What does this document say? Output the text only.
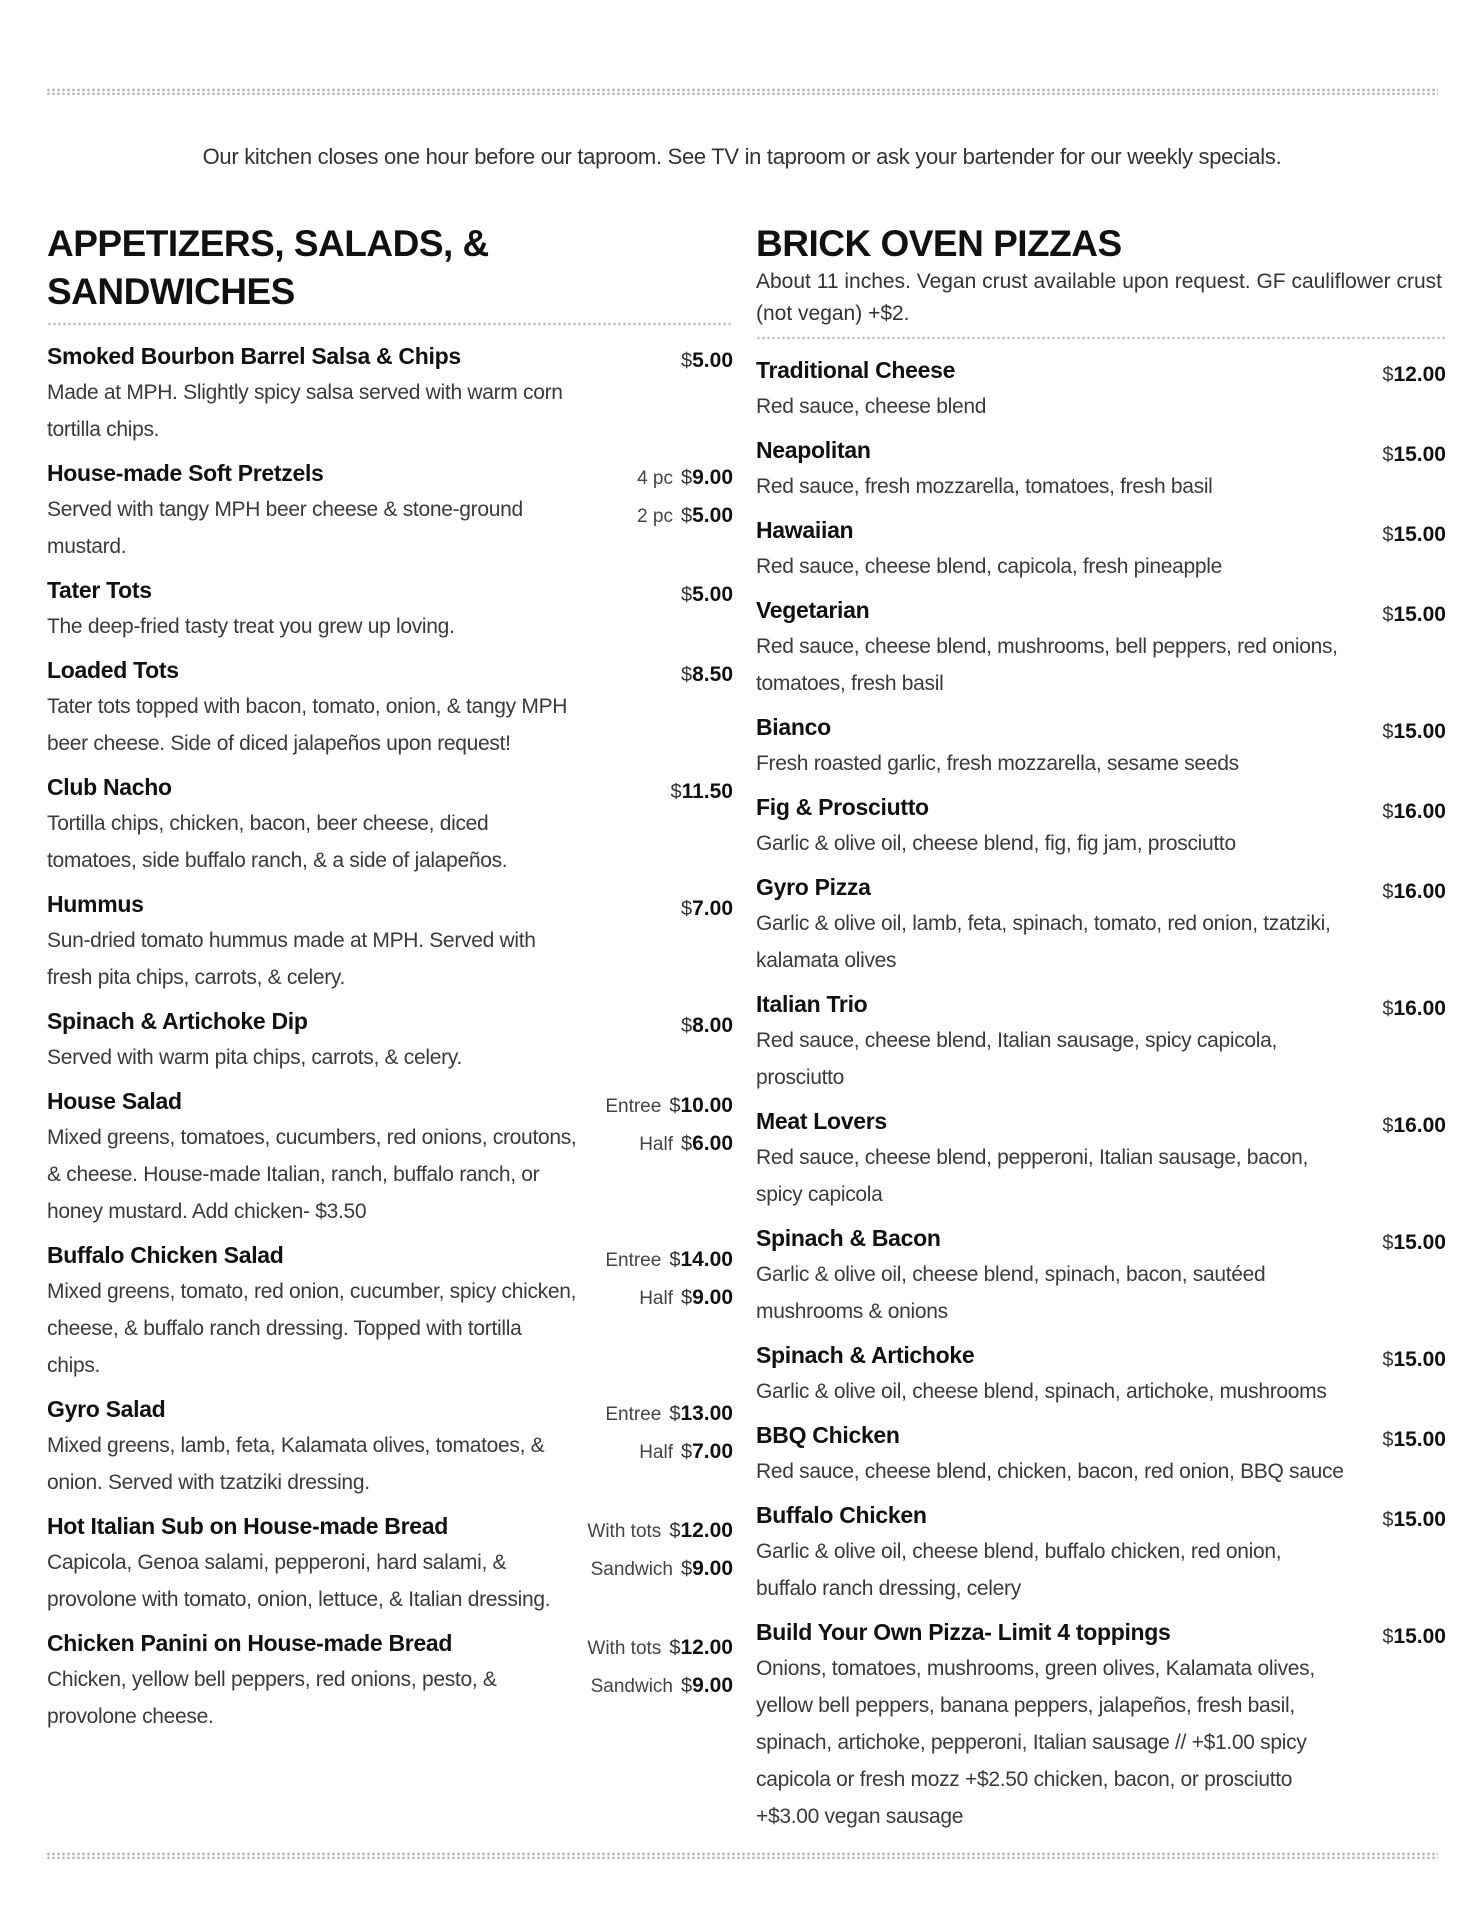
Our kitchen closes one hour before our taproom. See TV in taproom or ask your bartender for our weekly specials.
APPETIZERS, SALADS, & SANDWICHES
Smoked Bourbon Barrel Salsa & Chips
Made at MPH. Slightly spicy salsa served with warm corn tortilla chips.
$5.00
House-made Soft Pretzels
Served with tangy MPH beer cheese & stone-ground mustard.
4 pc $9.00
2 pc $5.00
Tater Tots
The deep-fried tasty treat you grew up loving.
$5.00
Loaded Tots
Tater tots topped with bacon, tomato, onion, & tangy MPH beer cheese. Side of diced jalapeños upon request!
$8.50
Club Nacho
Tortilla chips, chicken, bacon, beer cheese, diced tomatoes, side buffalo ranch, & a side of jalapeños.
$11.50
Hummus
Sun-dried tomato hummus made at MPH. Served with fresh pita chips, carrots, & celery.
$7.00
Spinach & Artichoke Dip
Served with warm pita chips, carrots, & celery.
$8.00
House Salad
Mixed greens, tomatoes, cucumbers, red onions, croutons, & cheese. House-made Italian, ranch, buffalo ranch, or honey mustard. Add chicken- $3.50
Entree $10.00
Half $6.00
Buffalo Chicken Salad
Mixed greens, tomato, red onion, cucumber, spicy chicken, cheese, & buffalo ranch dressing. Topped with tortilla chips.
Entree $14.00
Half $9.00
Gyro Salad
Mixed greens, lamb, feta, Kalamata olives, tomatoes, & onion. Served with tzatziki dressing.
Entree $13.00
Half $7.00
Hot Italian Sub on House-made Bread
Capicola, Genoa salami, pepperoni, hard salami, & provolone with tomato, onion, lettuce, & Italian dressing.
With tots $12.00
Sandwich $9.00
Chicken Panini on House-made Bread
Chicken, yellow bell peppers, red onions, pesto, & provolone cheese.
With tots $12.00
Sandwich $9.00
BRICK OVEN PIZZAS
About 11 inches. Vegan crust available upon request. GF cauliflower crust (not vegan) +$2.
Traditional Cheese
Red sauce, cheese blend
$12.00
Neapolitan
Red sauce, fresh mozzarella, tomatoes, fresh basil
$15.00
Hawaiian
Red sauce, cheese blend, capicola, fresh pineapple
$15.00
Vegetarian
Red sauce, cheese blend, mushrooms, bell peppers, red onions, tomatoes, fresh basil
$15.00
Bianco
Fresh roasted garlic, fresh mozzarella, sesame seeds
$15.00
Fig & Prosciutto
Garlic & olive oil, cheese blend, fig, fig jam, prosciutto
$16.00
Gyro Pizza
Garlic & olive oil, lamb, feta, spinach, tomato, red onion, tzatziki, kalamata olives
$16.00
Italian Trio
Red sauce, cheese blend, Italian sausage, spicy capicola, prosciutto
$16.00
Meat Lovers
Red sauce, cheese blend, pepperoni, Italian sausage, bacon, spicy capicola
$16.00
Spinach & Bacon
Garlic & olive oil, cheese blend, spinach, bacon, sautéed mushrooms & onions
$15.00
Spinach & Artichoke
Garlic & olive oil, cheese blend, spinach, artichoke, mushrooms
$15.00
BBQ Chicken
Red sauce, cheese blend, chicken, bacon, red onion, BBQ sauce
$15.00
Buffalo Chicken
Garlic & olive oil, cheese blend, buffalo chicken, red onion, buffalo ranch dressing, celery
$15.00
Build Your Own Pizza- Limit 4 toppings
Onions, tomatoes, mushrooms, green olives, Kalamata olives, yellow bell peppers, banana peppers, jalapeños, fresh basil, spinach, artichoke, pepperoni, Italian sausage // +$1.00 spicy capicola or fresh mozz +$2.50 chicken, bacon, or prosciutto +$3.00 vegan sausage
$15.00
